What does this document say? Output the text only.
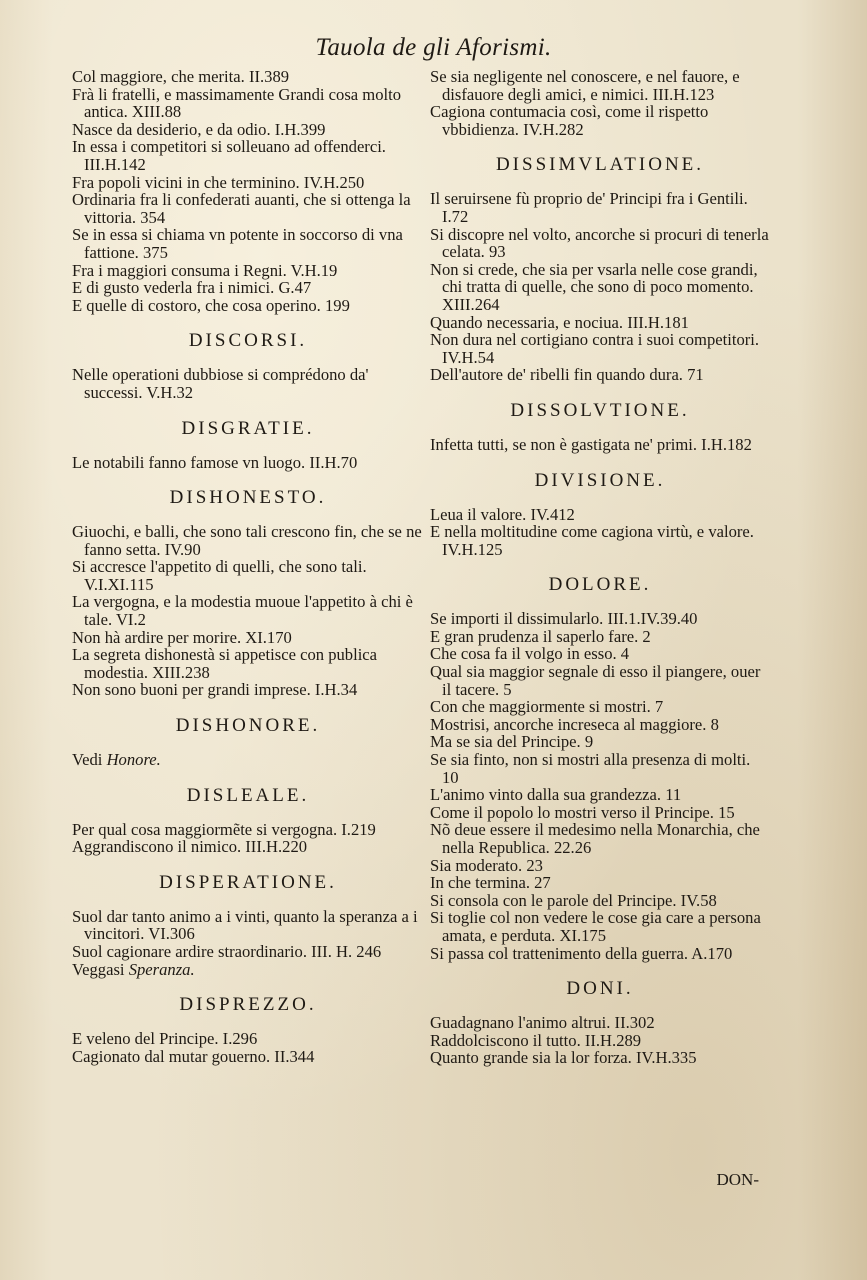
Tauola de gli Aforismi.
Col maggiore, che merita. II.389
Frà li fratelli, e massimamente Grandi cosa molto antica. XIII.88
Nasce da desiderio, e da odio. I.H.399
In essa i competitori si solleuano ad offenderci. III.H.142
Fra popoli vicini in che terminino. IV.H.250
Ordinaria fra li confederati auanti, che si ottenga la vittoria. 354
Se in essa si chiama vn potente in soccorso di vna fattione. 375
Fra i maggiori consuma i Regni. V.H.19
E di gusto vederla fra i nimici. G.47
E quelle di costoro, che cosa operino. 199
DISCORSI.
Nelle operationi dubbiose si comprédono da' successi. V.H.32
DISGRATIE.
Le notabili fanno famose vn luogo. II.H.70
DISHONESTO.
Giuochi, e balli, che sono tali crescono fin, che se ne fanno setta. IV.90
Si accresce l'appetito di quelli, che sono tali. V.I.XI.115
La vergogna, e la modestia muoue l'appetito à chi è tale. VI.2
Non hà ardire per morire. XI.170
La segreta dishonestà si appetisce con publica modestia. XIII.238
Non sono buoni per grandi imprese. I.H.34
DISHONORE.
Vedi Honore.
DISLEALE.
Per qual cosa maggiormẽte si vergogna. I.219
Aggrandiscono il nimico. III.H.220
DISPERATIONE.
Suol dar tanto animo a i vinti, quanto la speranza a i vincitori. VI.306
Suol cagionare ardire straordinario. III. H. 246
Veggasi Speranza.
DISPREZZO.
E veleno del Principe. I.296
Cagionato dal mutar gouerno. II.344
Se sia negligente nel conoscere, e nel fauore, e disfauore degli amici, e nimici. III.H.123
Cagiona contumacia così, come il rispetto vbbidienza. IV.H.282
DISSIMVLATIONE.
Il seruirsene fù proprio de' Principi fra i Gentili. I.72
Si discopre nel volto, ancorche si procuri di tenerla celata. 93
Non si crede, che sia per vsarla nelle cose grandi, chi tratta di quelle, che sono di poco momento. XIII.264
Quando necessaria, e nociua. III.H.181
Non dura nel cortigiano contra i suoi competitori. IV.H.54
Dell'autore de' ribelli fin quando dura. 71
DISSOLVTIONE.
Infetta tutti, se non è gastigata ne' primi. I.H.182
DIVISIONE.
Leua il valore. IV.412
E nella moltitudine come cagiona virtù, e valore. IV.H.125
DOLORE.
Se importi il dissimularlo. III.1.IV.39.40
E gran prudenza il saperlo fare. 2
Che cosa fa il volgo in esso. 4
Qual sia maggior segnale di esso il piangere, ouer il tacere. 5
Con che maggiormente si mostri. 7
Mostrisi, ancorche increseca al maggiore. 8
Ma se sia del Principe. 9
Se sia finto, non si mostri alla presenza di molti. 10
L'animo vinto dalla sua grandezza. 11
Come il popolo lo mostri verso il Principe. 15
Nõ deue essere il medesimo nella Monarchia, che nella Republica. 22.26
Sia moderato. 23
In che termina. 27
Si consola con le parole del Principe. IV.58
Si toglie col non vedere le cose gia care a persona amata, e perduta. XI.175
Si passa col trattenimento della guerra. A.170
DONI.
Guadagnano l'animo altrui. II.302
Raddolciscono il tutto. II.H.289
Quanto grande sia la lor forza. IV.H.335
DON-
